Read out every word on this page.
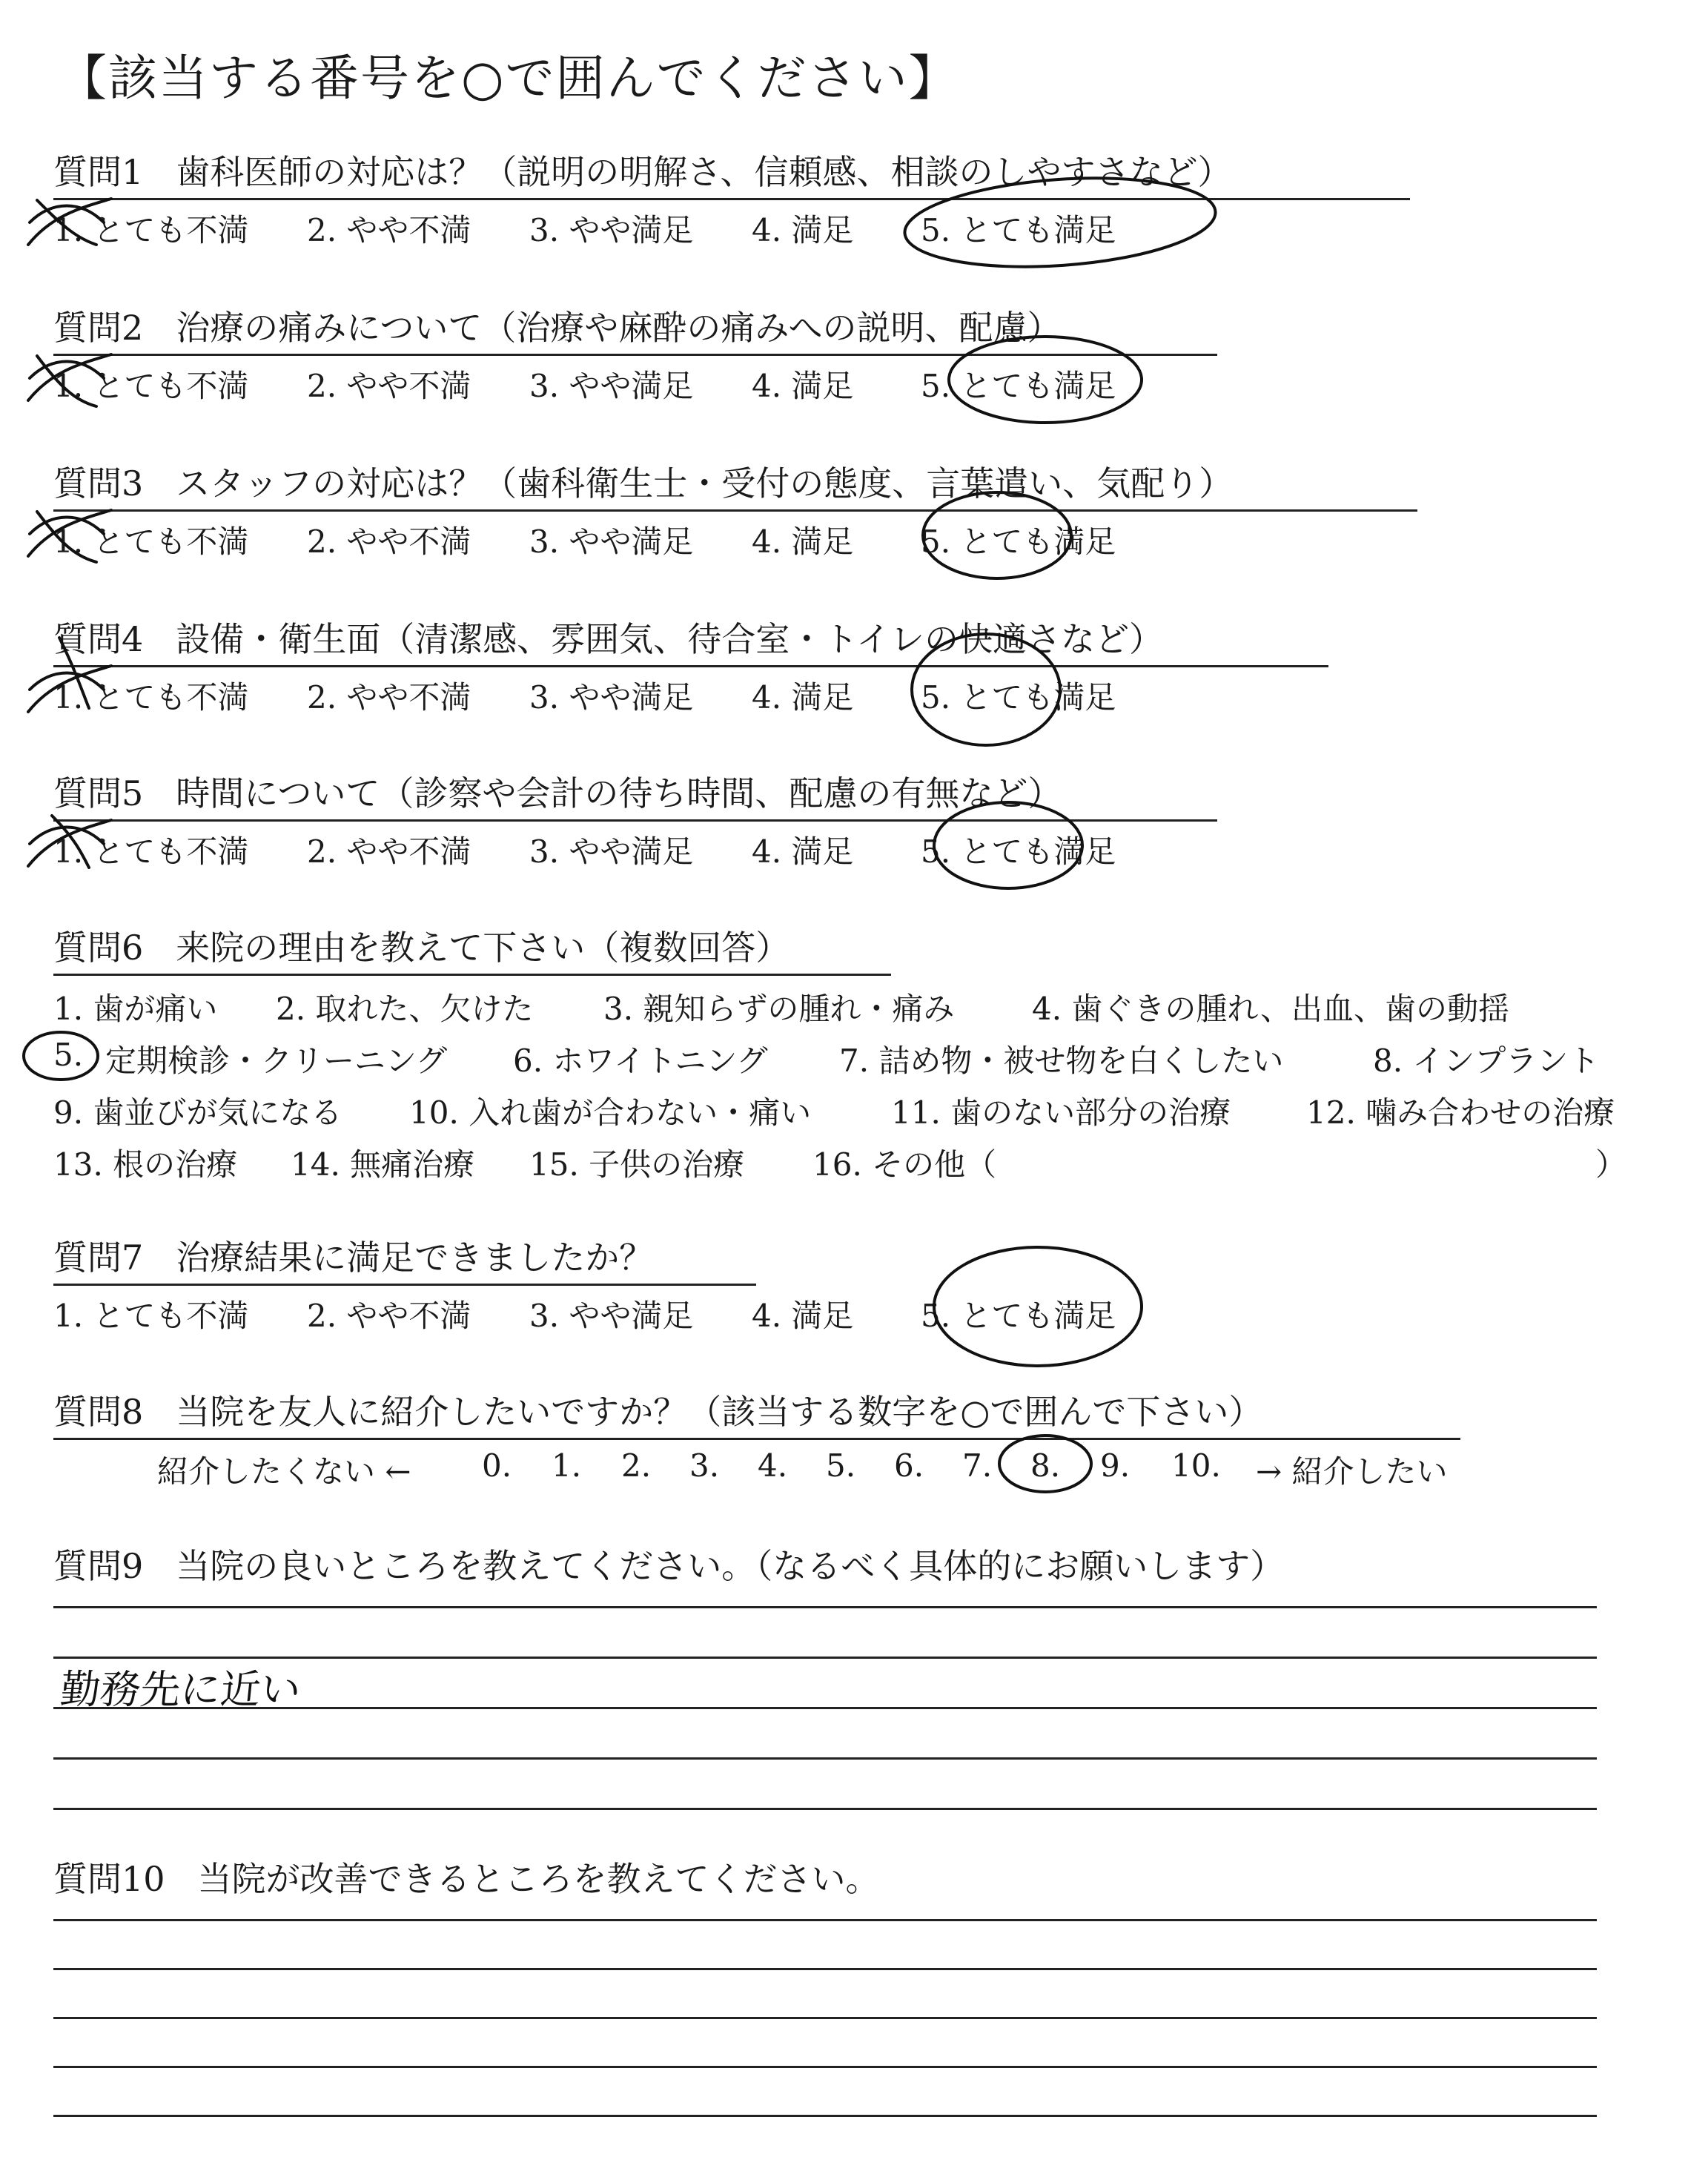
【該当する番号を○で囲んでください】
質問1 歯科医師の対応は？（説明の明解さ、信頼感、相談のしやすさなど）
1. とても不満 2. やや不満 3. やや満足 4. 満足 5. とても満足
質問2 治療の痛みについて（治療や麻酔の痛みへの説明、配慮）
1. とても不満 2. やや不満 3. やや満足 4. 満足 5. とても満足
質問3 スタッフの対応は？（歯科衛生士・受付の態度、言葉遣い、気配り）
1. とても不満 2. やや不満 3. やや満足 4. 満足 5. とても満足
質問4 設備・衛生面（清潔感、雰囲気、待合室・トイレの快適さなど）
1. とても不満 2. やや不満 3. やや満足 4. 満足 5. とても満足
質問5 時間について（診察や会計の待ち時間、配慮の有無など）
1. とても不満 2. やや不満 3. やや満足 4. 満足 5. とても満足
質問6 来院の理由を教えて下さい（複数回答）
1. 歯が痛い 2. 取れた、欠けた 3. 親知らずの腫れ・痛み 4. 歯ぐきの腫れ、出血、歯の動揺
5. 定期検診・クリーニング 6. ホワイトニング 7. 詰め物・被せ物を白くしたい	8. インプラント
9. 歯並びが気になる 10. 入れ歯が合わない・痛い	11. 歯のない部分の治療 12. 噛み合わせの治療
13. 根の治療 14. 無痛治療 15. 子供の治療 16. その他（	）
質問7 治療結果に満足できましたか？
1. とても不満 2. やや不満 3. やや満足 4. 満足 5. とても満足
質問8 当院を友人に紹介したいですか？（該当する数字を○で囲んで下さい）
紹介したくない ← 0. 1. 2. 3. 4. 5. 6. 7. 8. 9. 10. → 紹介したい
質問9 当院の良いところを教えてください。（なるべく具体的にお願いします）
勤務先に近い
質問10 当院が改善できるところを教えてください。
